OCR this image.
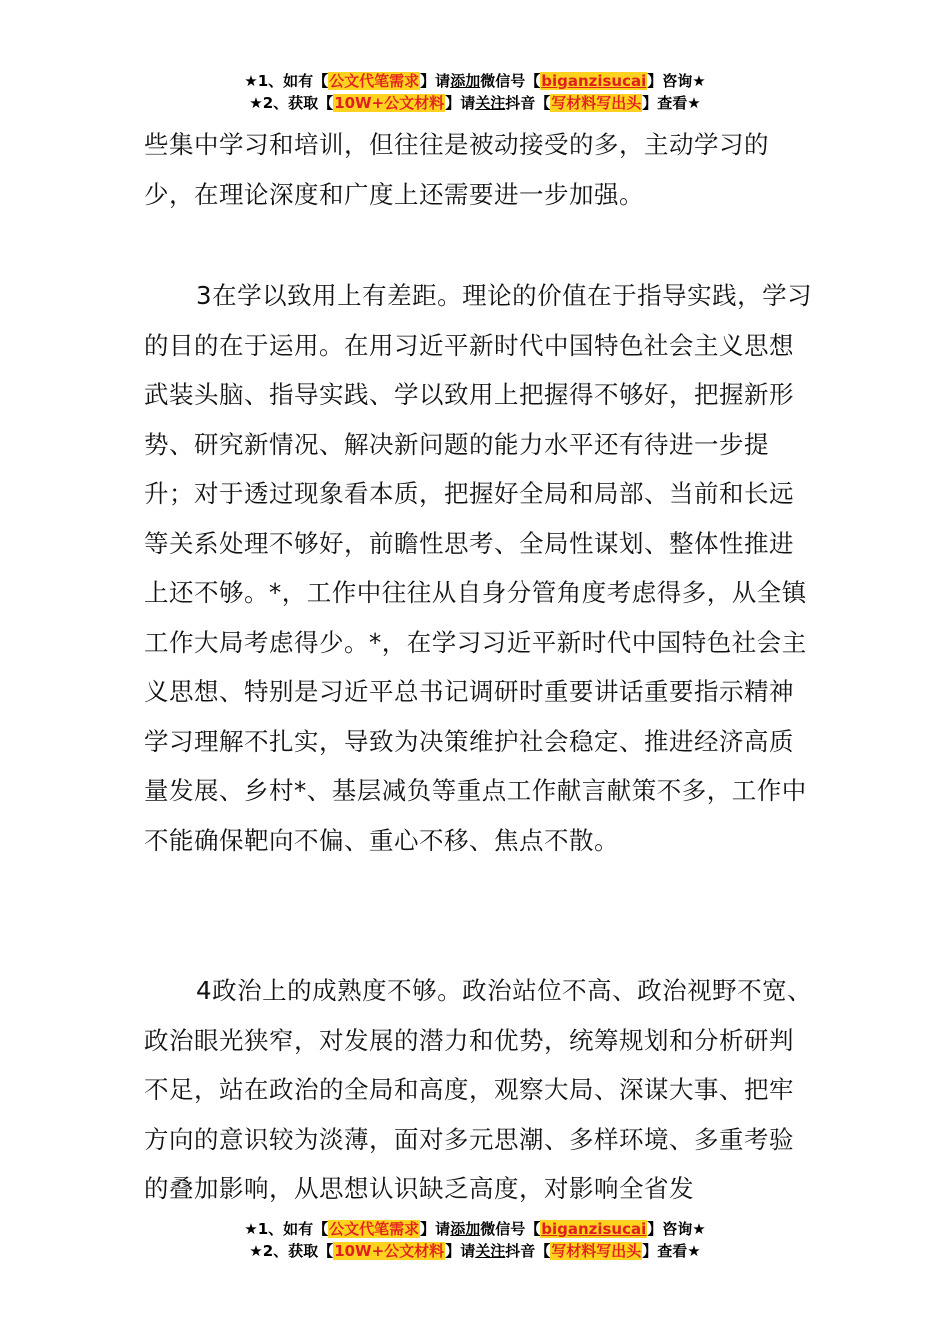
★1、如有【公文代笔需求】请添加微信号【biganzisucai】咨询★
★2、获取【10W+公文材料】请关注抖音【写材料写出头】查看★

些集中学习和培训，但往往是被动接受的多，主动学习的少，在理论深度和广度上还需要进一步加强。

3在学以致用上有差距。理论的价值在于指导实践，学习的目的在于运用。在用习近平新时代中国特色社会主义思想武装头脑、指导实践、学以致用上把握得不够好，把握新形势、研究新情况、解决新问题的能力水平还有待进一步提升；对于透过现象看本质，把握好全局和局部、当前和长远等关系处理不够好，前瞻性思考、全局性谋划、整体性推进上还不够。*，工作中往往从自身分管角度考虑得多，从全镇工作大局考虑得少。*，在学习习近平新时代中国特色社会主义思想、特别是习近平总书记调研时重要讲话重要指示精神学习理解不扎实，导致为决策维护社会稳定、推进经济高质量发展、乡村*、基层减负等重点工作献言献策不多，工作中不能确保靶向不偏、重心不移、焦点不散。

4政治上的成熟度不够。政治站位不高、政治视野不宽、政治眼光狭窄，对发展的潜力和优势，统筹规划和分析研判不足，站在政治的全局和高度，观察大局、深谋大事、把牢方向的意识较为淡薄，面对多元思潮、多样环境、多重考验的叠加影响，从思想认识缺乏高度，对影响全省发

★1、如有【公文代笔需求】请添加微信号【biganzisucai】咨询★
★2、获取【10W+公文材料】请关注抖音【写材料写出头】查看★
